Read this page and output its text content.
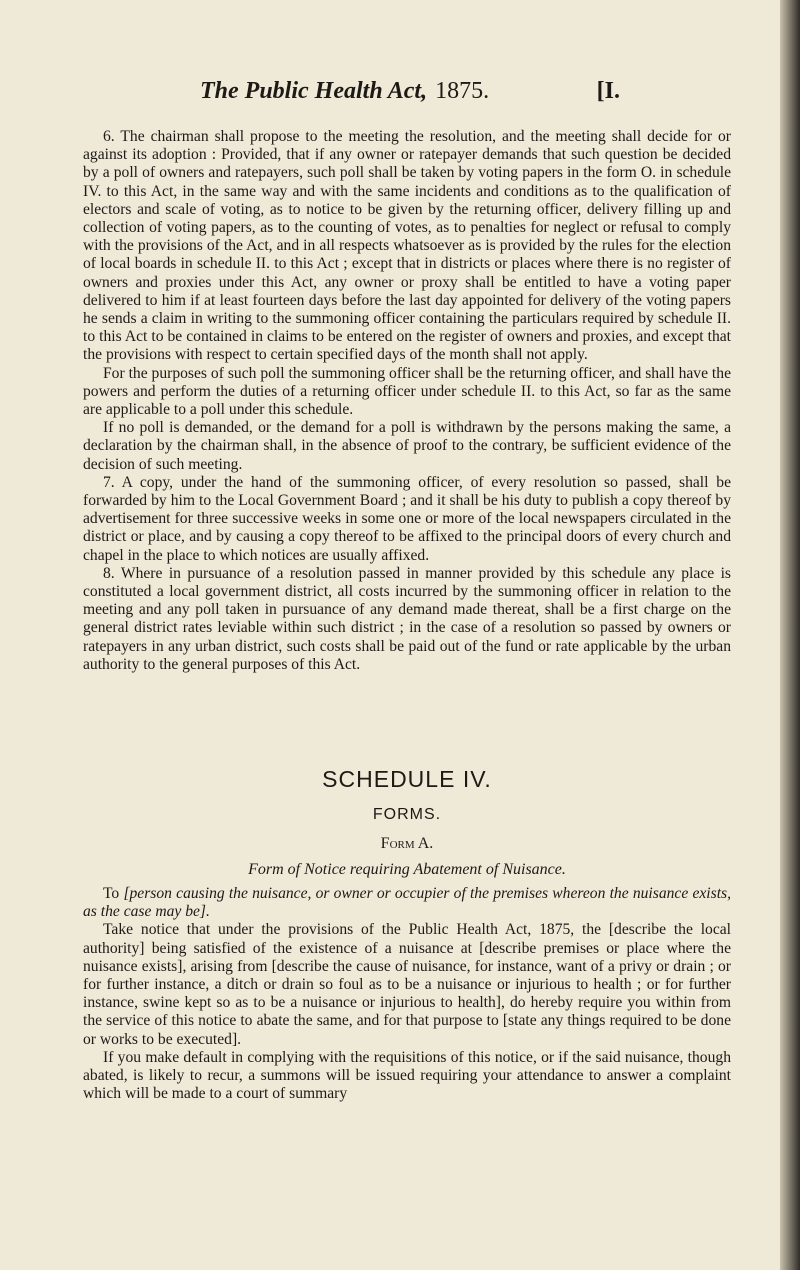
The Public Health Act, 1875.	[I.

6. The chairman shall propose to the meeting the resolution, and the meeting shall decide for or against its adoption : Provided, that if any owner or ratepayer demands that such question be decided by a poll of owners and ratepayers, such poll shall be taken by voting papers in the form O. in schedule IV. to this Act, in the same way and with the same incidents and conditions as to the qualification of electors and scale of voting, as to notice to be given by the returning officer, delivery filling up and collection of voting papers, as to the counting of votes, as to penalties for neglect or refusal to comply with the provisions of the Act, and in all respects whatsoever as is provided by the rules for the election of local boards in schedule II. to this Act ; except that in districts or places where there is no register of owners and proxies under this Act, any owner or proxy shall be entitled to have a voting paper delivered to him if at least fourteen days before the last day appointed for delivery of the voting papers he sends a claim in writing to the summoning officer containing the particulars required by schedule II. to this Act to be contained in claims to be entered on the register of owners and proxies, and except that the provisions with respect to certain specified days of the month shall not apply.

For the purposes of such poll the summoning officer shall be the returning officer, and shall have the powers and perform the duties of a returning officer under schedule II. to this Act, so far as the same are applicable to a poll under this schedule.

If no poll is demanded, or the demand for a poll is withdrawn by the persons making the same, a declaration by the chairman shall, in the absence of proof to the contrary, be sufficient evidence of the decision of such meeting.

7. A copy, under the hand of the summoning officer, of every resolution so passed, shall be forwarded by him to the Local Government Board ; and it shall be his duty to publish a copy thereof by advertisement for three successive weeks in some one or more of the local newspapers circulated in the district or place, and by causing a copy thereof to be affixed to the principal doors of every church and chapel in the place to which notices are usually affixed.

8. Where in pursuance of a resolution passed in manner provided by this schedule any place is constituted a local government district, all costs incurred by the summoning officer in relation to the meeting and any poll taken in pursuance of any demand made thereat, shall be a first charge on the general district rates leviable within such district ; in the case of a resolution so passed by owners or ratepayers in any urban district, such costs shall be paid out of the fund or rate applicable by the urban authority to the general purposes of this Act.

SCHEDULE IV.
FORMS.
Form A.
Form of Notice requiring Abatement of Nuisance.

To [person causing the nuisance, or owner or occupier of the premises whereon the nuisance exists, as the case may be].

Take notice that under the provisions of the Public Health Act, 1875, the [describe the local authority] being satisfied of the existence of a nuisance at [describe premises or place where the nuisance exists], arising from [describe the cause of nuisance, for instance, want of a privy or drain ; or for further instance, a ditch or drain so foul as to be a nuisance or injurious to health ; or for further instance, swine kept so as to be a nuisance or injurious to health], do hereby require you within from the service of this notice to abate the same, and for that purpose to [state any things required to be done or works to be executed].

If you make default in complying with the requisitions of this notice, or if the said nuisance, though abated, is likely to recur, a summons will be issued requiring your attendance to answer a complaint which will be made to a court of summary
